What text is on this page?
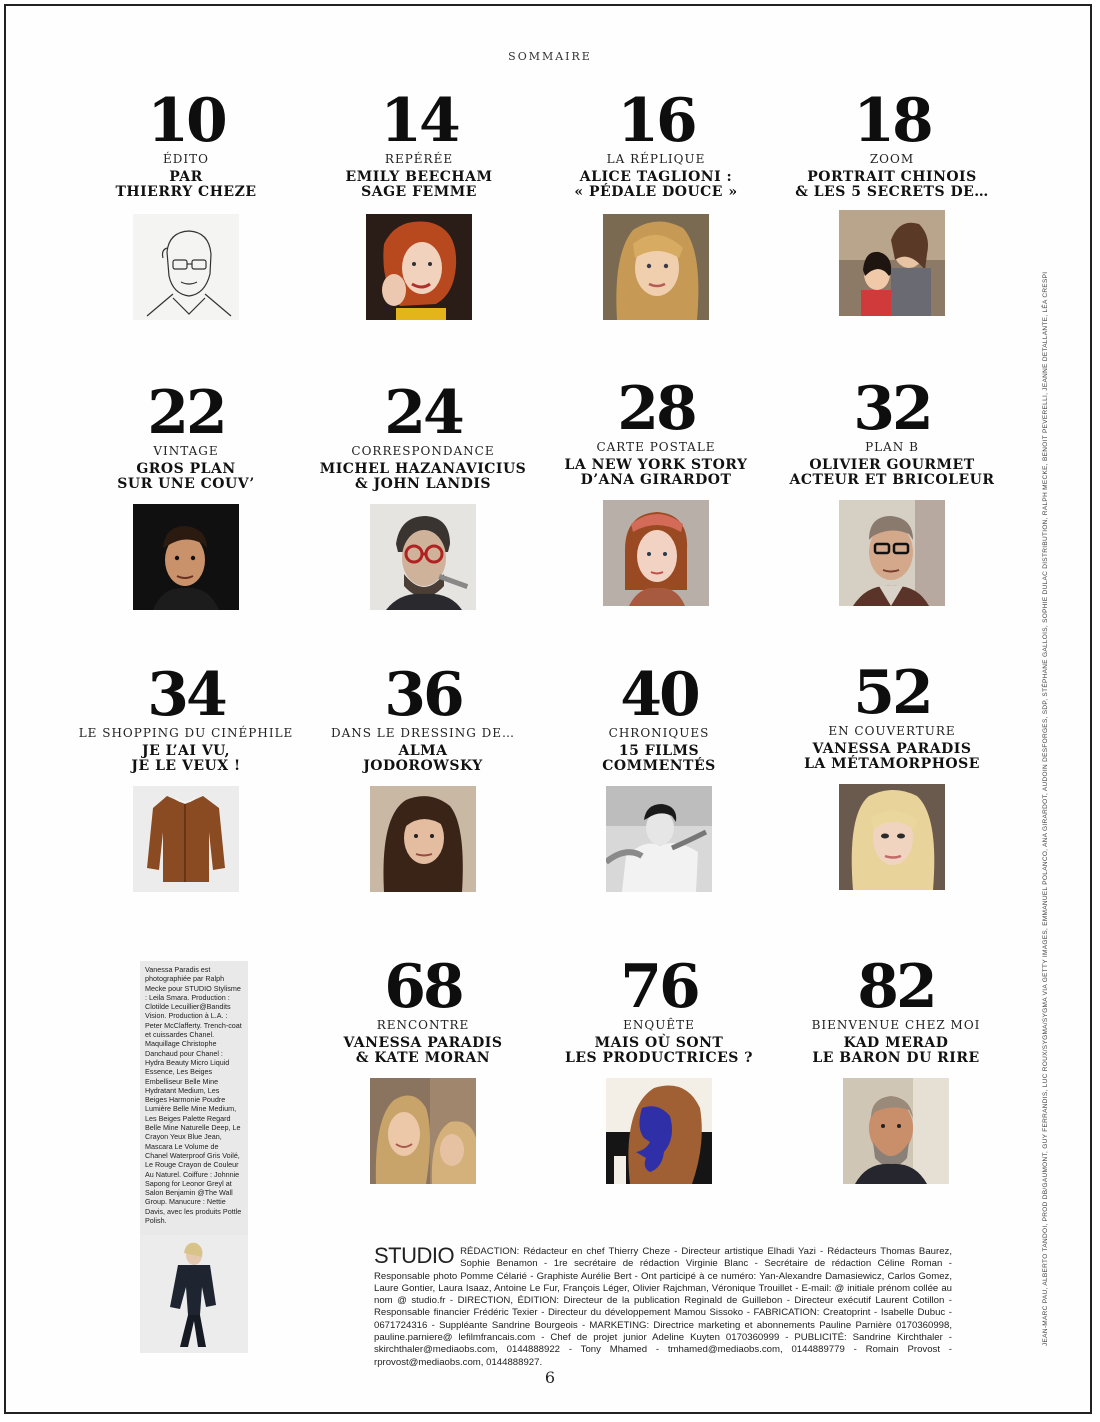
SOMMAIRE
10
ÉDITO
PAR
THIERRY CHEZE
14
REPÉRÉE
EMILY BEECHAM
SAGE FEMME
16
LA RÉPLIQUE
ALICE TAGLIONI :
« PÉDALE DOUCE »
18
ZOOM
PORTRAIT CHINOIS
& LES 5 SECRETS DE…
22
VINTAGE
GROS PLAN
SUR UNE COUV’
24
CORRESPONDANCE
MICHEL HAZANAVICIUS
& JOHN LANDIS
28
CARTE POSTALE
LA NEW YORK STORY
D’ANA GIRARDOT
32
PLAN B
OLIVIER GOURMET
ACTEUR ET BRICOLEUR
34
LE SHOPPING DU CINÉPHILE
JE L’AI VU,
JE LE VEUX !
36
DANS LE DRESSING DE…
ALMA
JODOROWSKY
40
CHRONIQUES
15 FILMS
COMMENTÉS
52
EN COUVERTURE
VANESSA PARADIS
LA MÉTAMORPHOSE
68
RENCONTRE
VANESSA PARADIS
& KATE MORAN
76
ENQUÊTE
MAIS OÙ SONT
LES PRODUCTRICES ?
82
BIENVENUE CHEZ MOI
KAD MERAD
LE BARON DU RIRE
Vanessa Paradis est photographiée par Ralph Mecke pour STUDIO Stylisme : Leila Smara. Production : Clotilde Lecuillier@Bandits Vision. Production à L.A. : Peter McClafferty. Trench-coat et cuissardes Chanel. Maquillage Christophe Danchaud pour Chanel : Hydra Beauty Micro Liquid Essence, Les Beiges Embelliseur Belle Mine Hydratant Medium, Les Beiges Harmonie Poudre Lumière Belle Mine Medium, Les Beiges Palette Regard Belle Mine Naturelle Deep, Le Crayon Yeux Blue Jean, Mascara Le Volume de Chanel Waterproof Gris Voilé, Le Rouge Crayon de Couleur Au Naturel. Coiffure : Johnnie Sapong for Leonor Greyl at Salon Benjamin @The Wall Group. Manucure : Nettie Davis, avec les produits Pottle Polish.
STUDIO RÉDACTION: Rédacteur en chef Thierry Cheze - Directeur artistique Elhadi Yazi - Rédacteurs Thomas Baurez, Sophie Benamon - 1re secrétaire de rédaction Virginie Blanc - Secrétaire de rédaction Céline Roman - Responsable photo Pomme Célarié - Graphiste Aurélie Bert - Ont participé à ce numéro: Yan-Alexandre Damasiewicz, Carlos Gomez, Laure Gontier, Laura Isaaz, Antoine Le Fur, François Léger, Olivier Rajchman, Véronique Trouillet - E-mail: @ initiale prénom collée au nom @ studio.fr - DIRECTION, ÉDITION: Directeur de la publication Reginald de Guillebon - Directeur exécutif Laurent Cotillon - Responsable financier Frédéric Texier - Directeur du développement Mamou Sissoko - FABRICATION: Creatoprint - Isabelle Dubuc - 0671724316 - Suppléante Sandrine Bourgeois - MARKETING: Directrice marketing et abonnements Pauline Parnière 0170360998, pauline.parniere@ lefilmfrancais.com - Chef de projet junior Adeline Kuyten 0170360999 - PUBLICITÉ: Sandrine Kirchthaler - skirchthaler@mediaobs.com, 0144888922 - Tony Mhamed - tmhamed@mediaobs.com, 0144889779 - Romain Provost - rprovost@mediaobs.com, 0144888927.
6
JEAN-MARC PAU, ALBERTO TANDOI, PROD DB/GAUMONT, GUY FERRANDIS, LUC ROUX/SYGMA/SYGMA VIA GETTY IMAGES, EMMANUEL POLANCO, ANA GIRARDOT, AUDOIN DESFORGES, SDP, STÉPHANE GALLOIS, SOPHIE DULAC DISTRIBUTION, RALPH MECKE, BENOIT PEVERELLI, JEANNE DETALLANTE, LÉA CRESPI
